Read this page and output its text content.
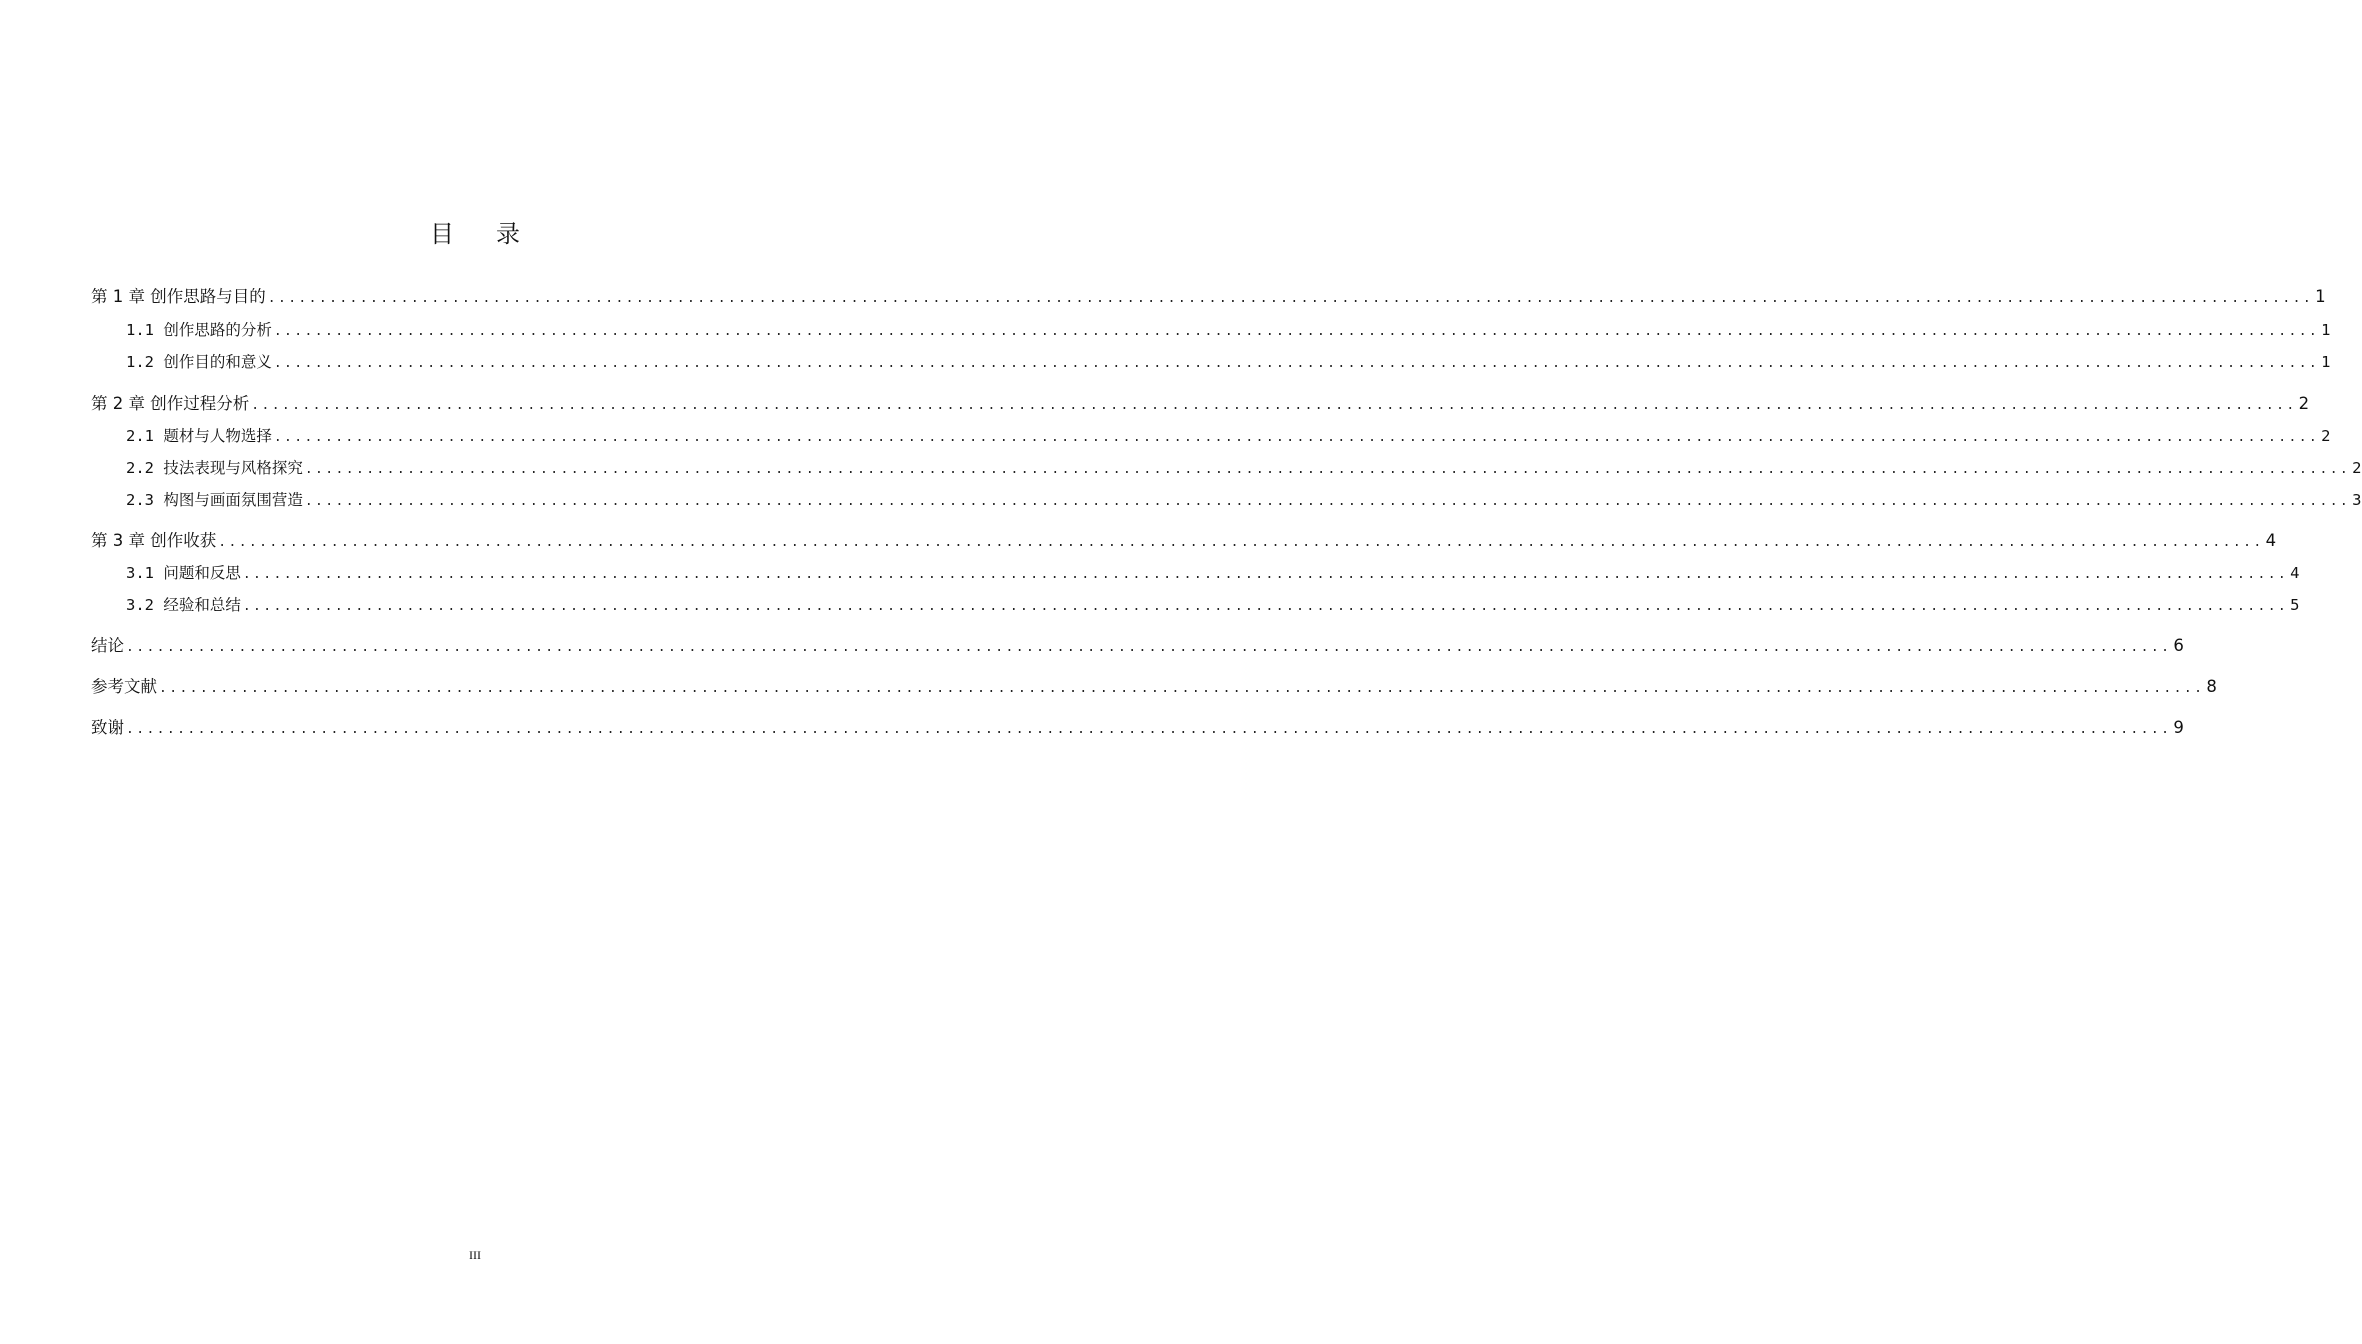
目 录
第 1 章 创作思路与目的 ........................................................................................................................................................................................................ 1
1.1 创作思路的分析 ........................................................................................................................................................................................................ 1
1.2 创作目的和意义 ........................................................................................................................................................................................................ 1
第 2 章 创作过程分析 ........................................................................................................................................................................................................ 2
2.1 题材与人物选择 ........................................................................................................................................................................................................ 2
2.2 技法表现与风格探究 ........................................................................................................................................................................................................ 2
2.3 构图与画面氛围营造 ........................................................................................................................................................................................................ 3
第 3 章 创作收获 ........................................................................................................................................................................................................ 4
3.1 问题和反思 ........................................................................................................................................................................................................ 4
3.2 经验和总结 ........................................................................................................................................................................................................ 5
结论 ........................................................................................................................................................................................................ 6
参考文献 ........................................................................................................................................................................................................ 8
致谢 ........................................................................................................................................................................................................ 9
III
